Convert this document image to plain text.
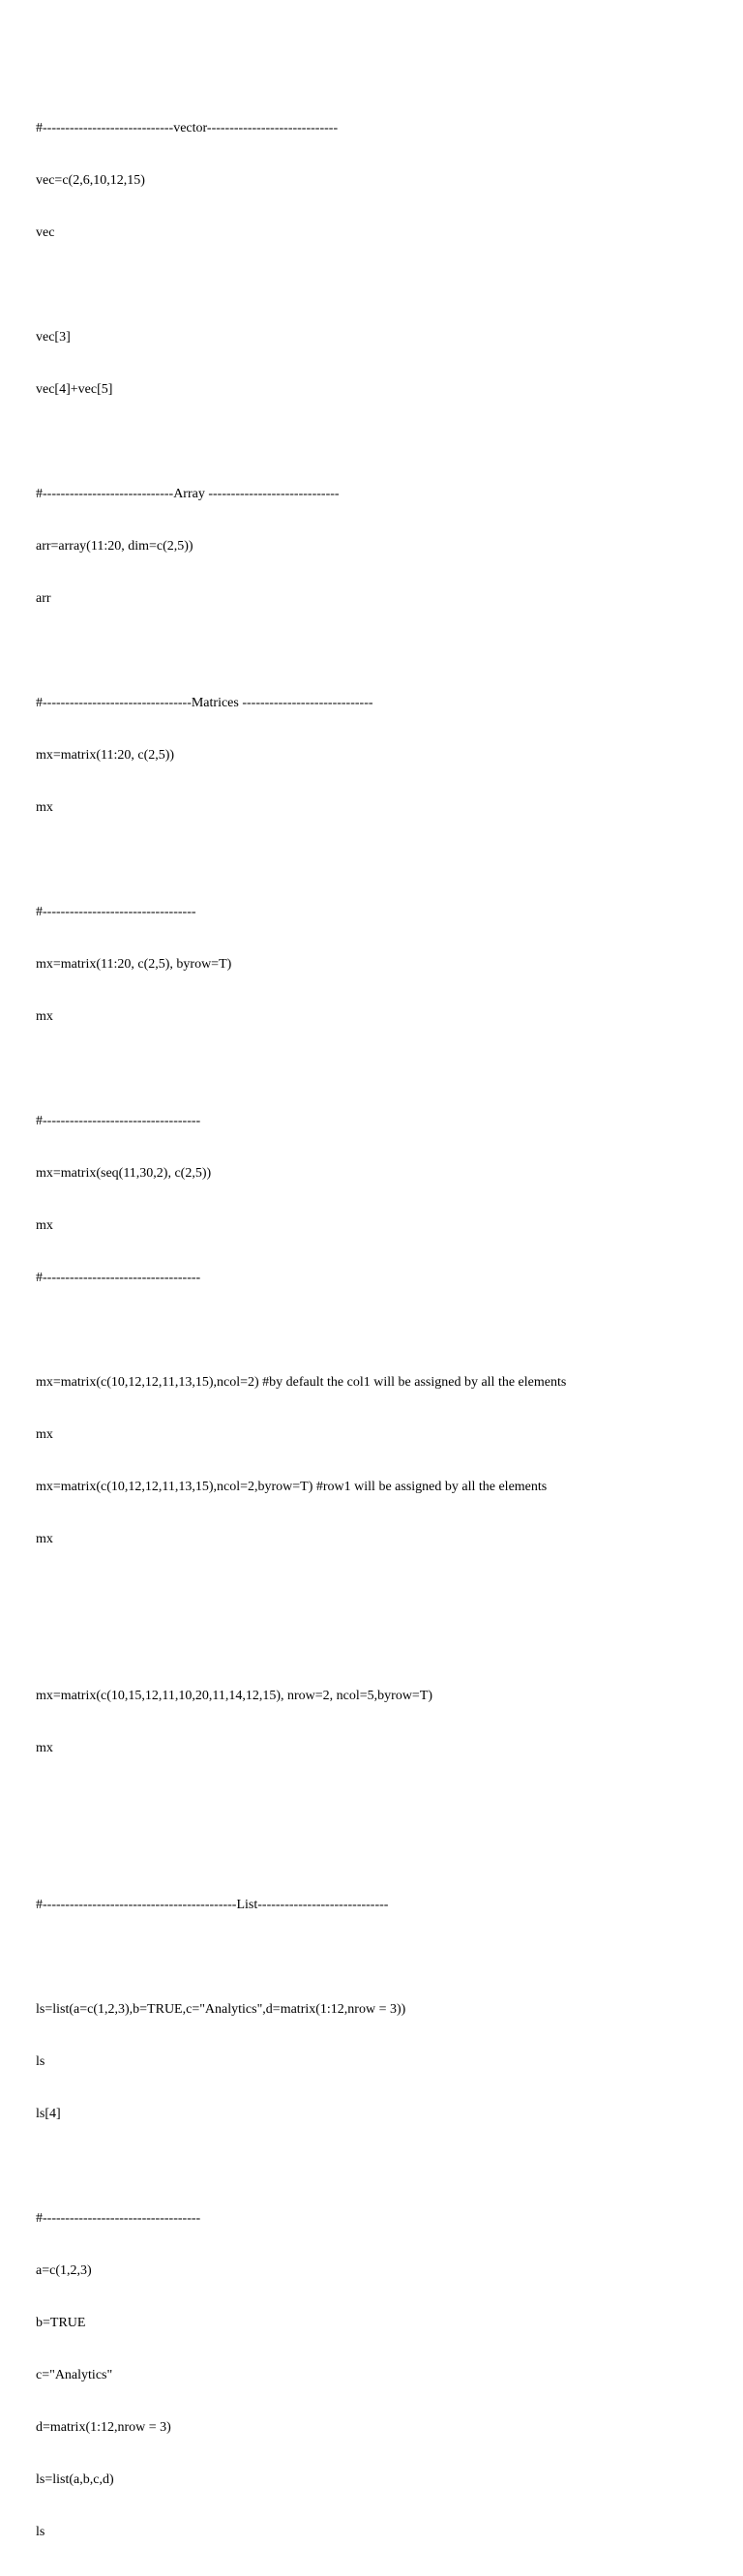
#-----------------------------vector-----------------------------

vec=c(2,6,10,12,15)

vec

vec[3]

vec[4]+vec[5]

#-----------------------------Array -----------------------------

arr=array(11:20, dim=c(2,5))

arr

#---------------------------------Matrices -----------------------------

mx=matrix(11:20, c(2,5))

mx

#----------------------------------

mx=matrix(11:20, c(2,5), byrow=T)

mx

#-----------------------------------

mx=matrix(seq(11,30,2), c(2,5))

mx

#-----------------------------------

mx=matrix(c(10,12,12,11,13,15),ncol=2) #by default the col1 will be assigned by all the elements

mx

mx=matrix(c(10,12,12,11,13,15),ncol=2,byrow=T) #row1 will be assigned by all the elements

mx

mx=matrix(c(10,15,12,11,10,20,11,14,12,15), nrow=2, ncol=5,byrow=T)

mx

#-------------------------------------------List-----------------------------

ls=list(a=c(1,2,3),b=TRUE,c="Analytics",d=matrix(1:12,nrow = 3))

ls

ls[4]

#-----------------------------------

a=c(1,2,3)

b=TRUE

c="Analytics"

d=matrix(1:12,nrow = 3)

ls=list(a,b,c,d)

ls
